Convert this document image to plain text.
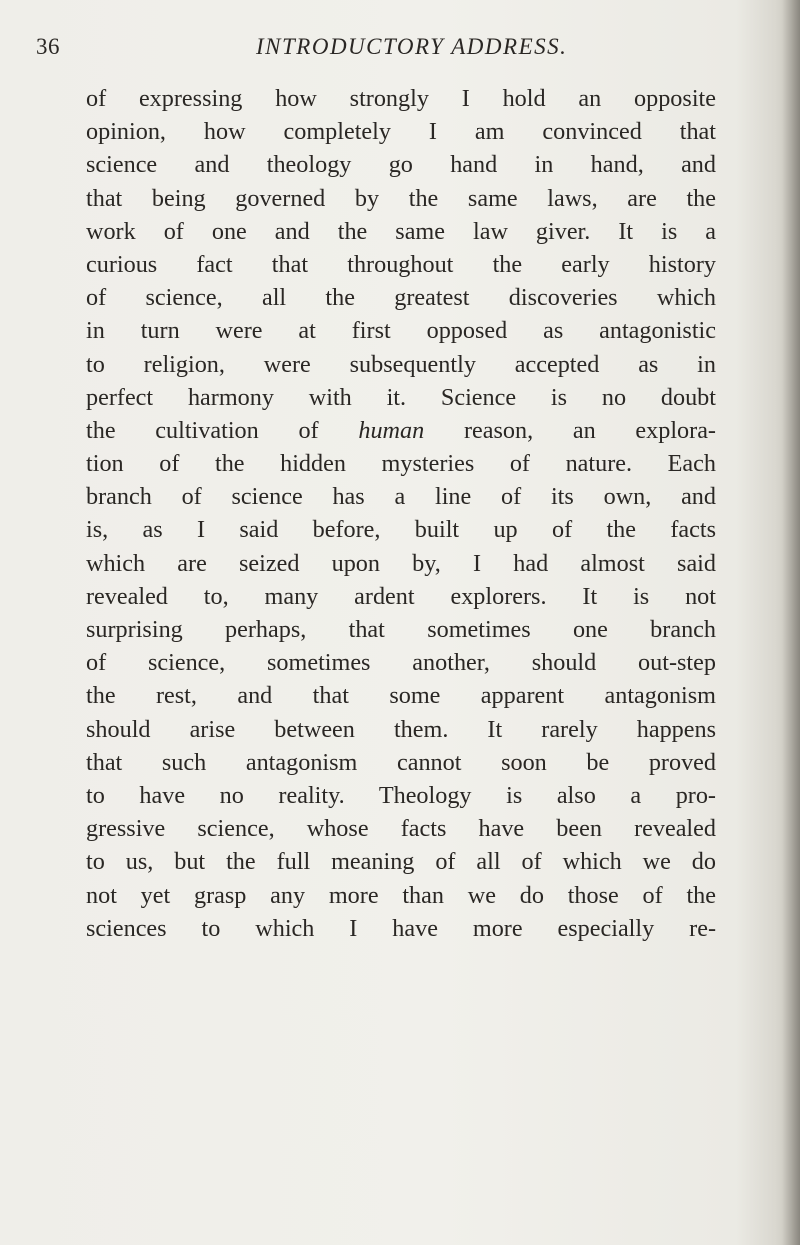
36	INTRODUCTORY ADDRESS.
of expressing how strongly I hold an opposite
opinion, how completely I am convinced that
science and theology go hand in hand, and
that being governed by the same laws, are the
work of one and the same law giver. It is a
curious fact that throughout the early history
of science, all the greatest discoveries which
in turn were at first opposed as antagonistic
to religion, were subsequently accepted as in
perfect harmony with it. Science is no doubt
the cultivation of human reason, an explora-
tion of the hidden mysteries of nature. Each
branch of science has a line of its own, and
is, as I said before, built up of the facts
which are seized upon by, I had almost said
revealed to, many ardent explorers. It is not
surprising perhaps, that sometimes one branch
of science, sometimes another, should out-step
the rest, and that some apparent antagonism
should arise between them. It rarely happens
that such antagonism cannot soon be proved
to have no reality. Theology is also a pro-
gressive science, whose facts have been revealed
to us, but the full meaning of all of which we do
not yet grasp any more than we do those of the
sciences to which I have more especially re-
